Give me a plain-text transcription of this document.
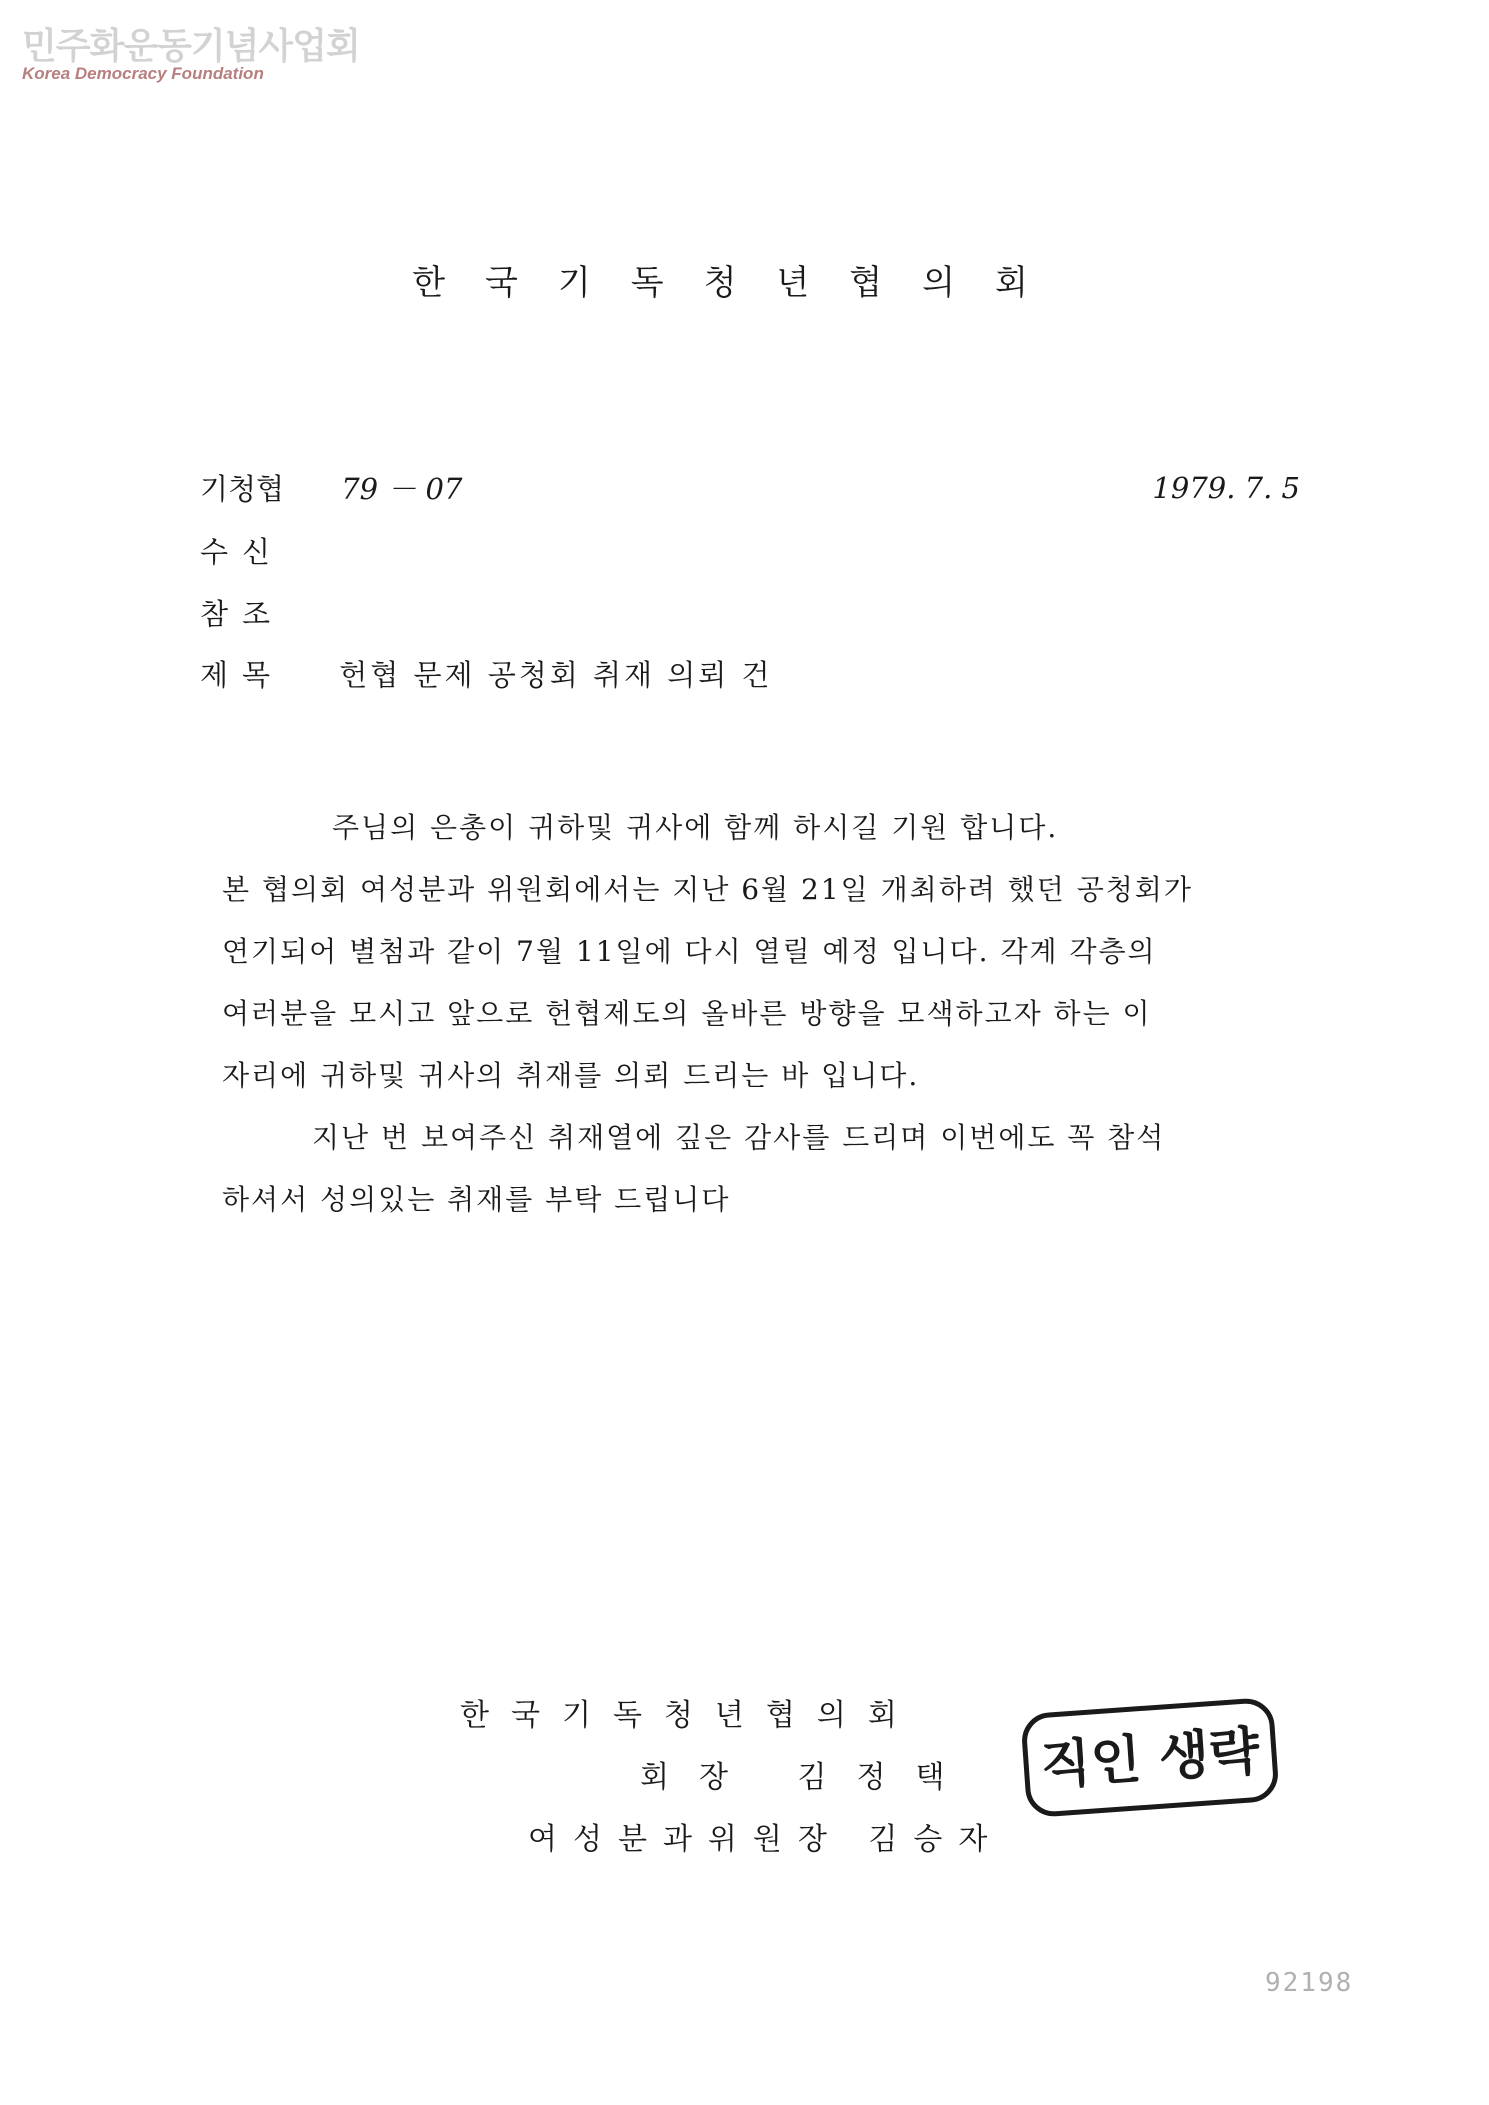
민주화운동기념사업회
Korea Democracy Foundation
한국기독청년협의회
기청협 79 － 07	1979. 7. 5
수신
참조
제목 헌협 문제 공청회 취재 의뢰 건
주님의 은총이 귀하및 귀사에 함께 하시길 기원 합니다.
본 협의회 여성분과 위원회에서는 지난 6월 21일 개최하려 했던 공청회가
연기되어 별첨과 같이 7월 11일에 다시 열릴 예정 입니다. 각계 각층의
여러분을 모시고 앞으로 헌협제도의 올바른 방향을 모색하고자 하는 이
자리에 귀하및 귀사의 취재를 의뢰 드리는 바 입니다.
지난 번 보여주신 취재열에 깊은 감사를 드리며 이번에도 꼭 참석
하셔서 성의있는 취재를 부탁 드립니다
한국기독청년협의회
회장 김정택
여성분과위원장 김승자
직인 생략
92198
